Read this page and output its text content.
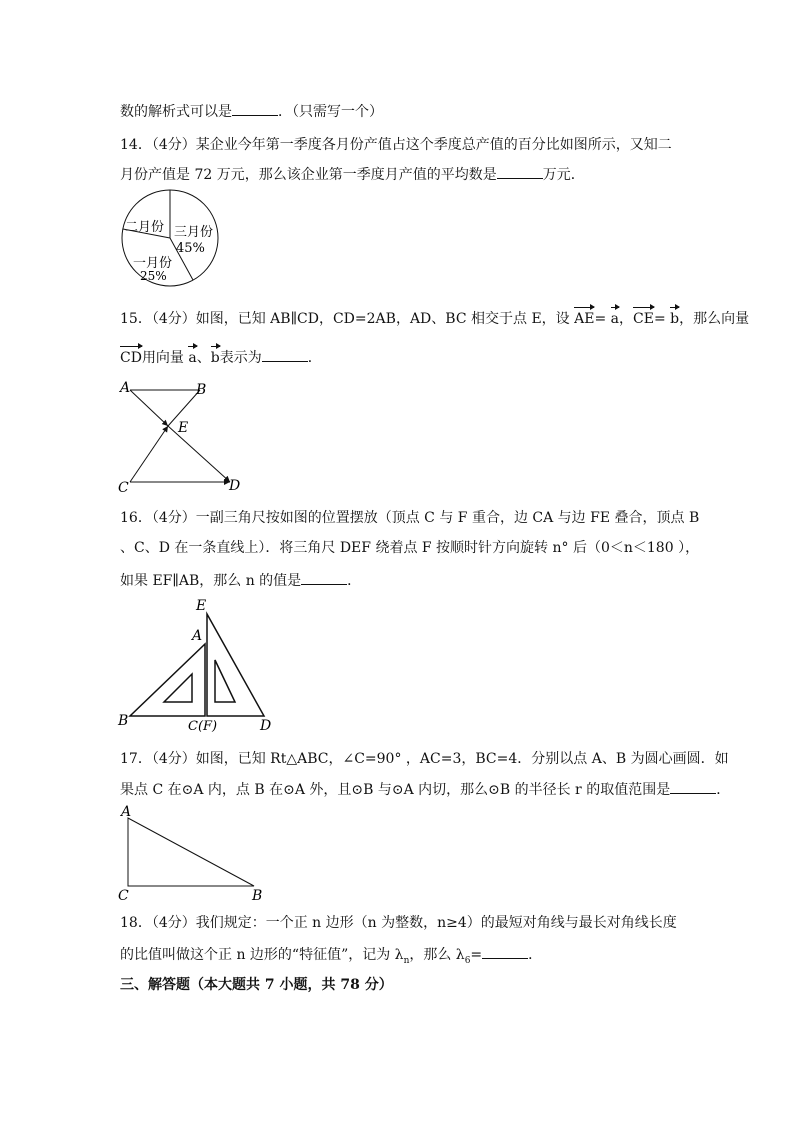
数的解析式可以是	．（只需写一个）
14．（4分）某企业今年第一季度各月份产值占这个季度总产值的百分比如图所示，又知二
月份产值是 72 万元，那么该企业第一季度月产值的平均数是	万元．
二月份 三月份
45%
一月份
25%
15．（4分）如图，已知 AB∥CD，CD=2AB，AD、BC 相交于点 E，设 AE= a，CE= b，那么向量
CD用向量 a、b表示为	．
A	B
E
C	D
16．（4分）一副三角尺按如图的位置摆放（顶点 C 与 F 重合，边 CA 与边 FE 叠合，顶点 B
、C、D 在一条直线上）．将三角尺 DEF 绕着点 F 按顺时针方向旋转 n° 后（0＜n＜180 ），
如果 EF∥AB，那么 n 的值是	．
E
A
B	C(F)	D
17．（4分）如图，已知 Rt△ABC，∠C=90° ，AC=3，BC=4．分别以点 A、B 为圆心画圆．如
果点 C 在⊙A 内，点 B 在⊙A 外，且⊙B 与⊙A 内切，那么⊙B 的半径长 r 的取值范围是	．
A
C	B
18．（4分）我们规定：一个正 n 边形（n 为整数，n≥4）的最短对角线与最长对角线长度
的比值叫做这个正 n 边形的“特征值”，记为 $\lambda_n$，那么 $\lambda_6=$	．
三、解答题（本大题共 7 小题，共 78 分）
